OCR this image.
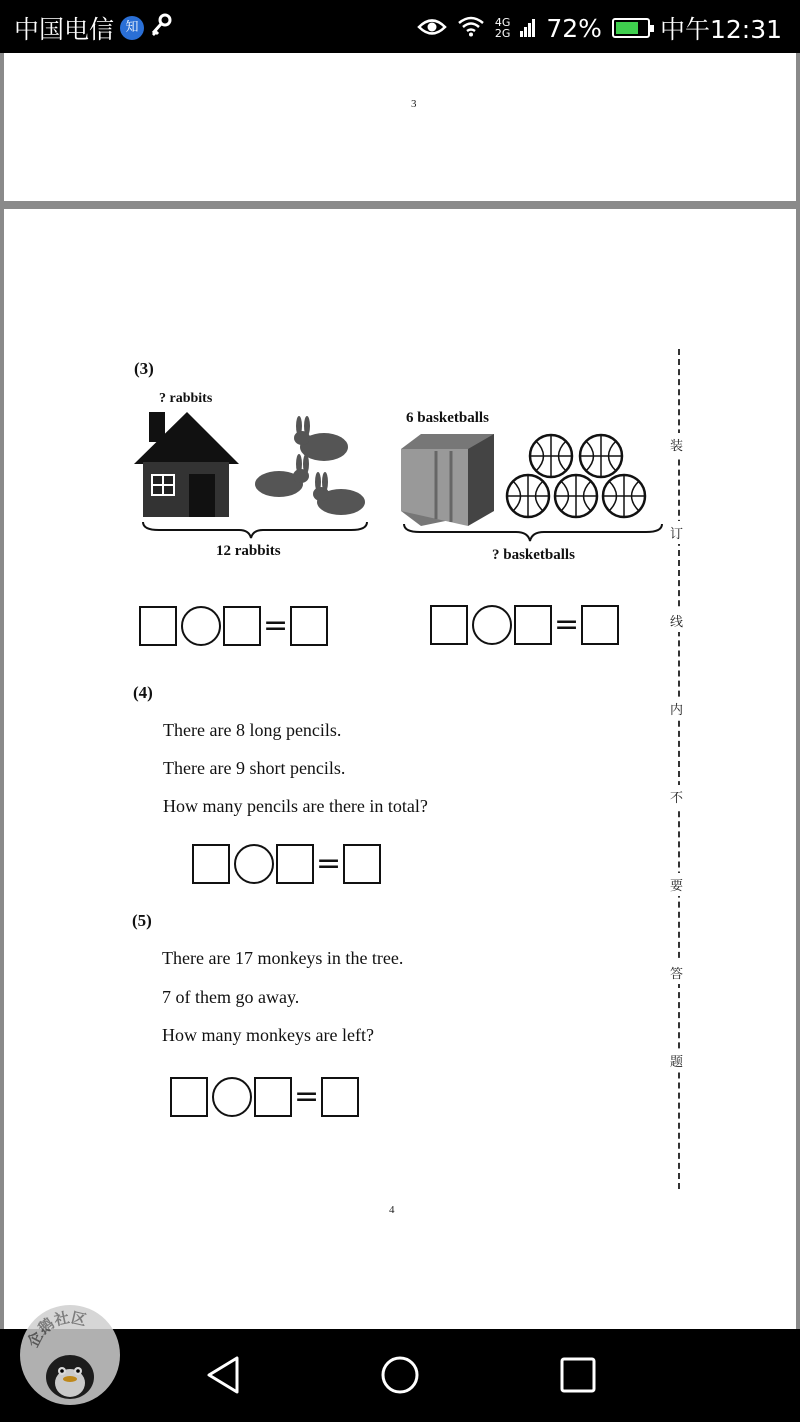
中国电信 知	4G
2G 72% 中午12:31
3
(3)
? rabbits
12 rabbits
6 basketballs
? basketballs
=	=
(4)
There are 8 long pencils.
There are 9 short pencils.
How many pencils are there in total?
=
(5)
There are 17 monkeys in the tree.
7 of them go away.
How many monkeys are left?
=
装
订
线
内
不
要
答
题
4
企鹅社区
